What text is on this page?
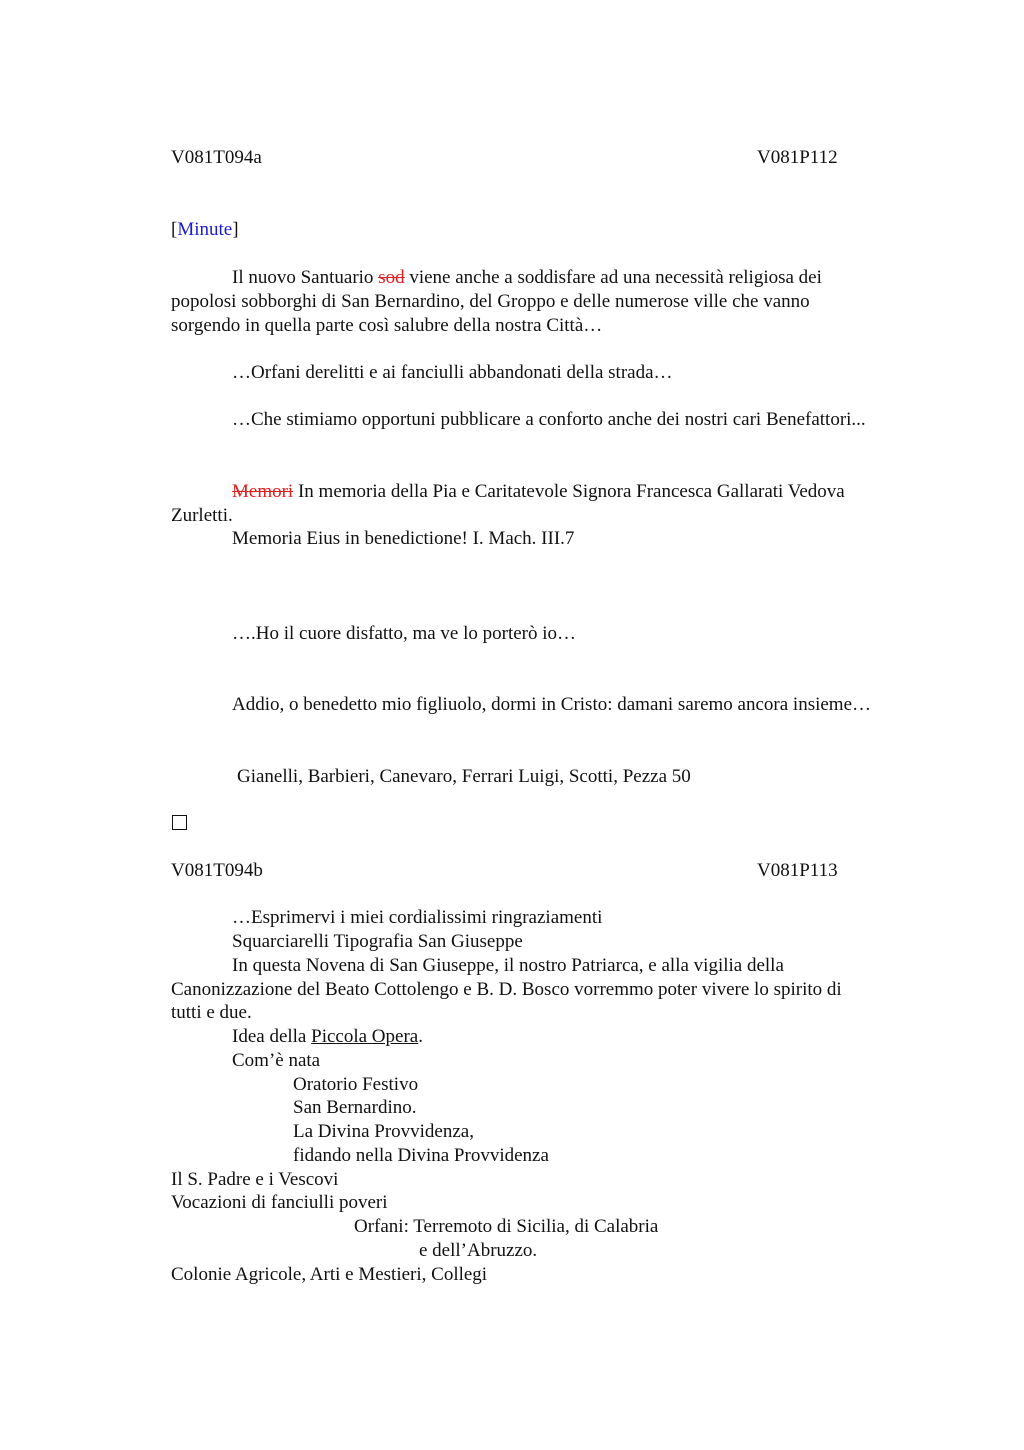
V081T094a	V081P112
[Minute]
Il nuovo Santuario sod viene anche a soddisfare ad una necessità religiosa dei
popolosi sobborghi di San Bernardino, del Groppo e delle numerose ville che vanno
sorgendo in quella parte così salubre della nostra Città…
…Orfani derelitti e ai fanciulli abbandonati della strada…
…Che stimiamo opportuni pubblicare a conforto anche dei nostri cari Benefattori...
Memori In memoria della Pia e Caritatevole Signora Francesca Gallarati Vedova
Zurletti.
Memoria Eius in benedictione! I. Mach. III.7
….Ho il cuore disfatto, ma ve lo porterò io…
Addio, o benedetto mio figliuolo, dormi in Cristo: damani saremo ancora insieme…
Gianelli, Barbieri, Canevaro, Ferrari Luigi, Scotti, Pezza 50
V081T094b	V081P113
…Esprimervi i miei cordialissimi ringraziamenti
Squarciarelli Tipografia San Giuseppe
In questa Novena di San Giuseppe, il nostro Patriarca, e alla vigilia della
Canonizzazione del Beato Cottolengo e B. D. Bosco vorremmo poter vivere lo spirito di
tutti e due.
Idea della Piccola Opera.
Com’è nata
Oratorio Festivo
San Bernardino.
La Divina Provvidenza,
fidando nella Divina Provvidenza
Il S. Padre e i Vescovi
Vocazioni di fanciulli poveri
Orfani: Terremoto di Sicilia, di Calabria
e dell’Abruzzo.
Colonie Agricole, Arti e Mestieri, Collegi
